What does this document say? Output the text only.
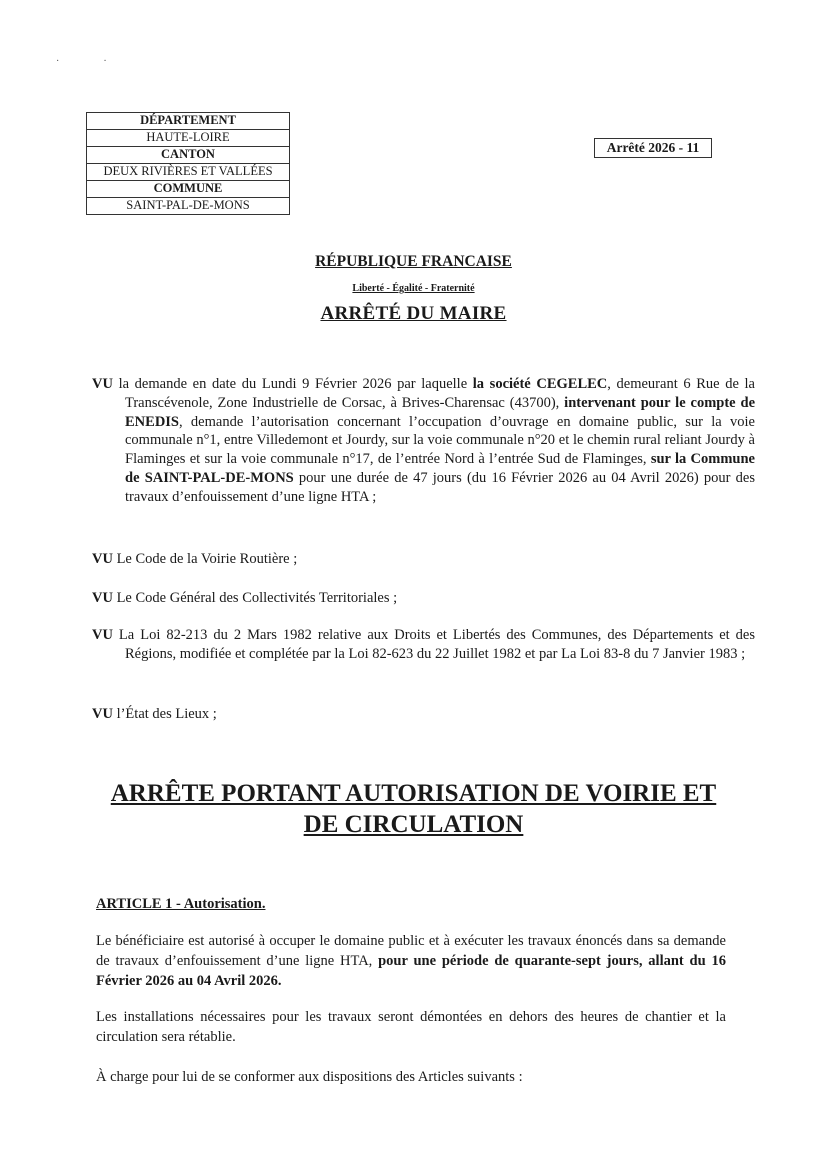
··
DÉPARTEMENT
HAUTE-LOIRE
CANTON
DEUX RIVIÈRES ET VALLÉES
COMMUNE
SAINT-PAL-DE-MONS
Arrêté 2026 - 11
RÉPUBLIQUE FRANCAISE
Liberté - Égalité - Fraternité
ARRÊTÉ DU MAIRE
VU la demande en date du Lundi 9 Février 2026 par laquelle la société CEGELEC, demeurant 6 Rue de la Transcévenole, Zone Industrielle de Corsac, à Brives-Charensac (43700), intervenant pour le compte de ENEDIS, demande l’autorisation concernant l’occupation d’ouvrage en domaine public, sur la voie communale n°1, entre Villedemont et Jourdy, sur la voie communale n°20 et le chemin rural reliant Jourdy à Flaminges et sur la voie communale n°17, de l’entrée Nord à l’entrée Sud de Flaminges, sur la Commune de SAINT-PAL-DE-MONS pour une durée de 47 jours (du 16 Février 2026 au 04 Avril 2026) pour des travaux d’enfouissement d’une ligne HTA ;
VU Le Code de la Voirie Routière ;
VU Le Code Général des Collectivités Territoriales ;
VU La Loi 82-213 du 2 Mars 1982 relative aux Droits et Libertés des Communes, des Départements et des Régions, modifiée et complétée par la Loi 82-623 du 22 Juillet 1982 et par La Loi 83-8 du 7 Janvier 1983 ;
VU l’État des Lieux ;
ARRÊTE PORTANT AUTORISATION DE VOIRIE ET
DE CIRCULATION
ARTICLE 1 - Autorisation.
Le bénéficiaire est autorisé à occuper le domaine public et à exécuter les travaux énoncés dans sa demande de travaux d’enfouissement d’une ligne HTA, pour une période de quarante-sept jours, allant du 16 Février 2026 au 04 Avril 2026.
Les installations nécessaires pour les travaux seront démontées en dehors des heures de chantier et la circulation sera rétablie.
À charge pour lui de se conformer aux dispositions des Articles suivants :
